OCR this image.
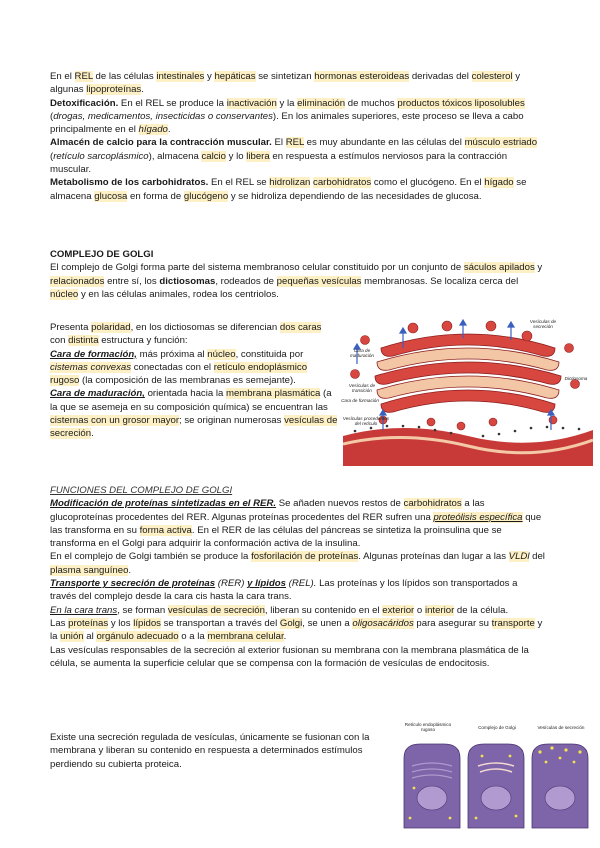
En el REL de las células intestinales y hepáticas se sintetizan hormonas esteroideas derivadas del colesterol y algunas lipoproteínas.

Detoxificación. En el REL se produce la inactivación y la eliminación de muchos productos tóxicos liposolubles (drogas, medicamentos, insecticidas o conservantes). En los animales superiores, este proceso se lleva a cabo principalmente en el hígado.

Almacén de calcio para la contracción muscular. El REL es muy abundante en las células del músculo estriado (retículo sarcoplásmico), almacena calcio y lo libera en respuesta a estímulos nerviosos para la contracción muscular.

Metabolismo de los carbohidratos. En el REL se hidrolizan carbohidratos como el glucógeno. En el hígado se almacena glucosa en forma de glucógeno y se hidroliza dependiendo de las necesidades de glucosa.

COMPLEJO DE GOLGI

El complejo de Golgi forma parte del sistema membranoso celular constituido por un conjunto de sáculos apilados y relacionados entre sí, los dictiosomas, rodeados de pequeñas vesículas membranosas. Se localiza cerca del núcleo y en las células animales, rodea los centriolos.

Presenta polaridad, en los dictiosomas se diferencian dos caras con distinta estructura y función:

Cara de formación, más próxima al núcleo, constituida por cistemas convexas conectadas con el retículo endoplásmico rugoso (la composición de las membranas es semejante).

Cara de maduración, orientada hacia la membrana plasmática (a la que se asemeja en su composición química) se encuentran las cisternas con un grosor mayor; se originan numerosas vesículas de secreción.

Vesículas de secreción
Cara de maduración
Dictiosoma
Vesículas de transición
Cara de formación
Vesículas procedentes del retículo
RER

FUNCIONES DEL COMPLEJO DE GOLGI

Modificación de proteínas sintetizadas en el RER. Se añaden nuevos restos de carbohidratos a las glucoproteínas procedentes del RER. Algunas proteínas procedentes del RER sufren una proteólisis específica que las transforma en su forma activa. En el RER de las células del páncreas se sintetiza la proinsulina que se transforma en el Golgi para adquirir la conformación activa de la insulina.

En el complejo de Golgi también se produce la fosforilación de proteínas. Algunas proteínas dan lugar a las VLDl del plasma sanguíneo.

Transporte y secreción de proteínas (RER) y lípidos (REL). Las proteínas y los lípidos son transportados a través del complejo desde la cara cis hasta la cara trans.

En la cara trans, se forman vesículas de secreción, liberan su contenido en el exterior o interior de la célula.

Las proteínas y los lípidos se transportan a través del Golgi, se unen a oligosacáridos para asegurar su transporte y la unión al orgánulo adecuado o a la membrana celular.

Las vesículas responsables de la secreción al exterior fusionan su membrana con la membrana plasmática de la célula, se aumenta la superficie celular que se compensa con la formación de vesículas de endocitosis.

Existe una secreción regulada de vesículas, únicamente se fusionan con la membrana y liberan su contenido en respuesta a determinados estímulos perdiendo su cubierta proteica.

Retículo endoplásmico rugoso	Complejo de Golgi	Vesículas de secreción
